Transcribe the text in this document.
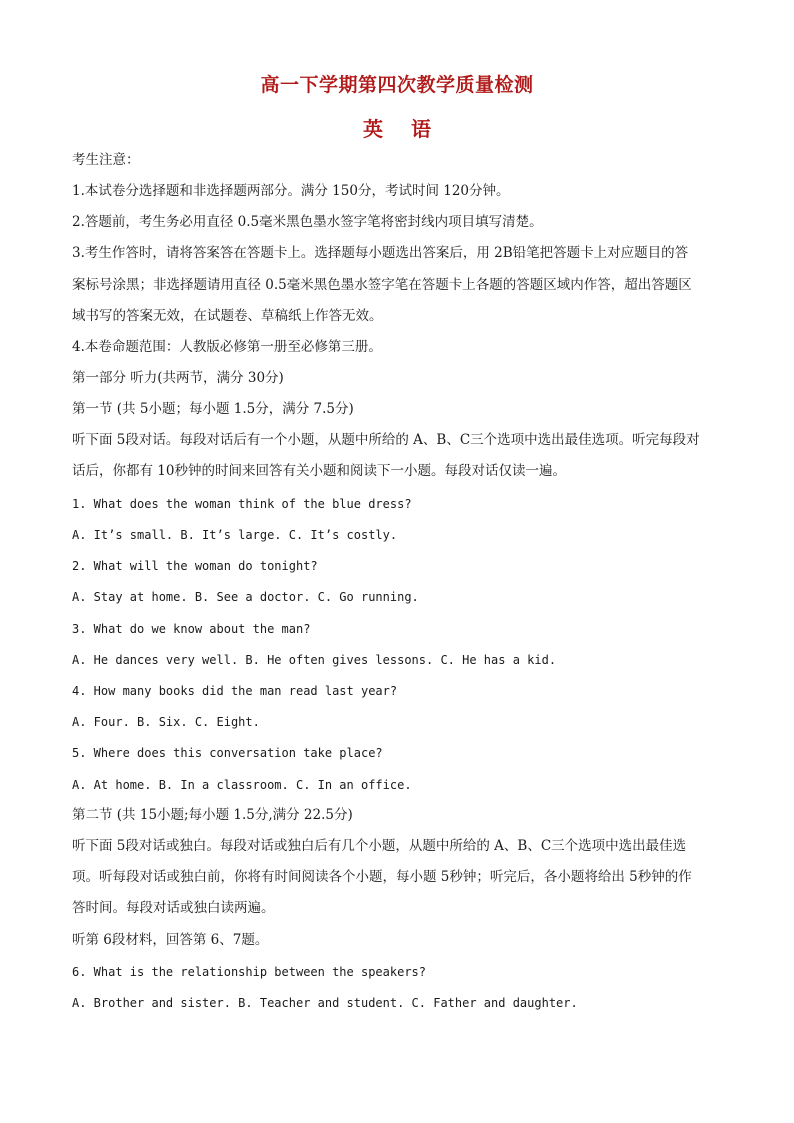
高一下学期第四次教学质量检测
英 语
考生注意：
1.本试卷分选择题和非选择题两部分。满分 150分，考试时间 120分钟。
2.答题前，考生务必用直径 0.5毫米黑色墨水签字笔将密封线内项目填写清楚。
3.考生作答时，请将答案答在答题卡上。选择题每小题选出答案后，用 2B铅笔把答题卡上对应题目的答
案标号涂黑；非选择题请用直径 0.5毫米黑色墨水签字笔在答题卡上各题的答题区域内作答，超出答题区
域书写的答案无效，在试题卷、草稿纸上作答无效。
4.本卷命题范围：人教版必修第一册至必修第三册。
第一部分 听力(共两节，满分 30分)
第一节 (共 5小题；每小题 1.5分，满分 7.5分)
听下面 5段对话。每段对话后有一个小题，从题中所给的 A、B、C三个选项中选出最佳选项。听完每段对
话后，你都有 10秒钟的时间来回答有关小题和阅读下一小题。每段对话仅读一遍。
1. What does the woman think of the blue dress?
A. It’s small. B. It’s large. C. It’s costly.
2. What will the woman do tonight?
A. Stay at home. B. See a doctor. C. Go running.
3. What do we know about the man?
A. He dances very well. B. He often gives lessons. C. He has a kid.
4. How many books did the man read last year?
A. Four. B. Six. C. Eight.
5. Where does this conversation take place?
A. At home. B. In a classroom. C. In an office.
第二节 (共 15小题;每小题 1.5分,满分 22.5分)
听下面 5段对话或独白。每段对话或独白后有几个小题，从题中所给的 A、B、C三个选项中选出最佳选
项。听每段对话或独白前，你将有时间阅读各个小题，每小题 5秒钟；听完后，各小题将给出 5秒钟的作
答时间。每段对话或独白读两遍。
听第 6段材料，回答第 6、7题。
6. What is the relationship between the speakers?
A. Brother and sister. B. Teacher and student. C. Father and daughter.
